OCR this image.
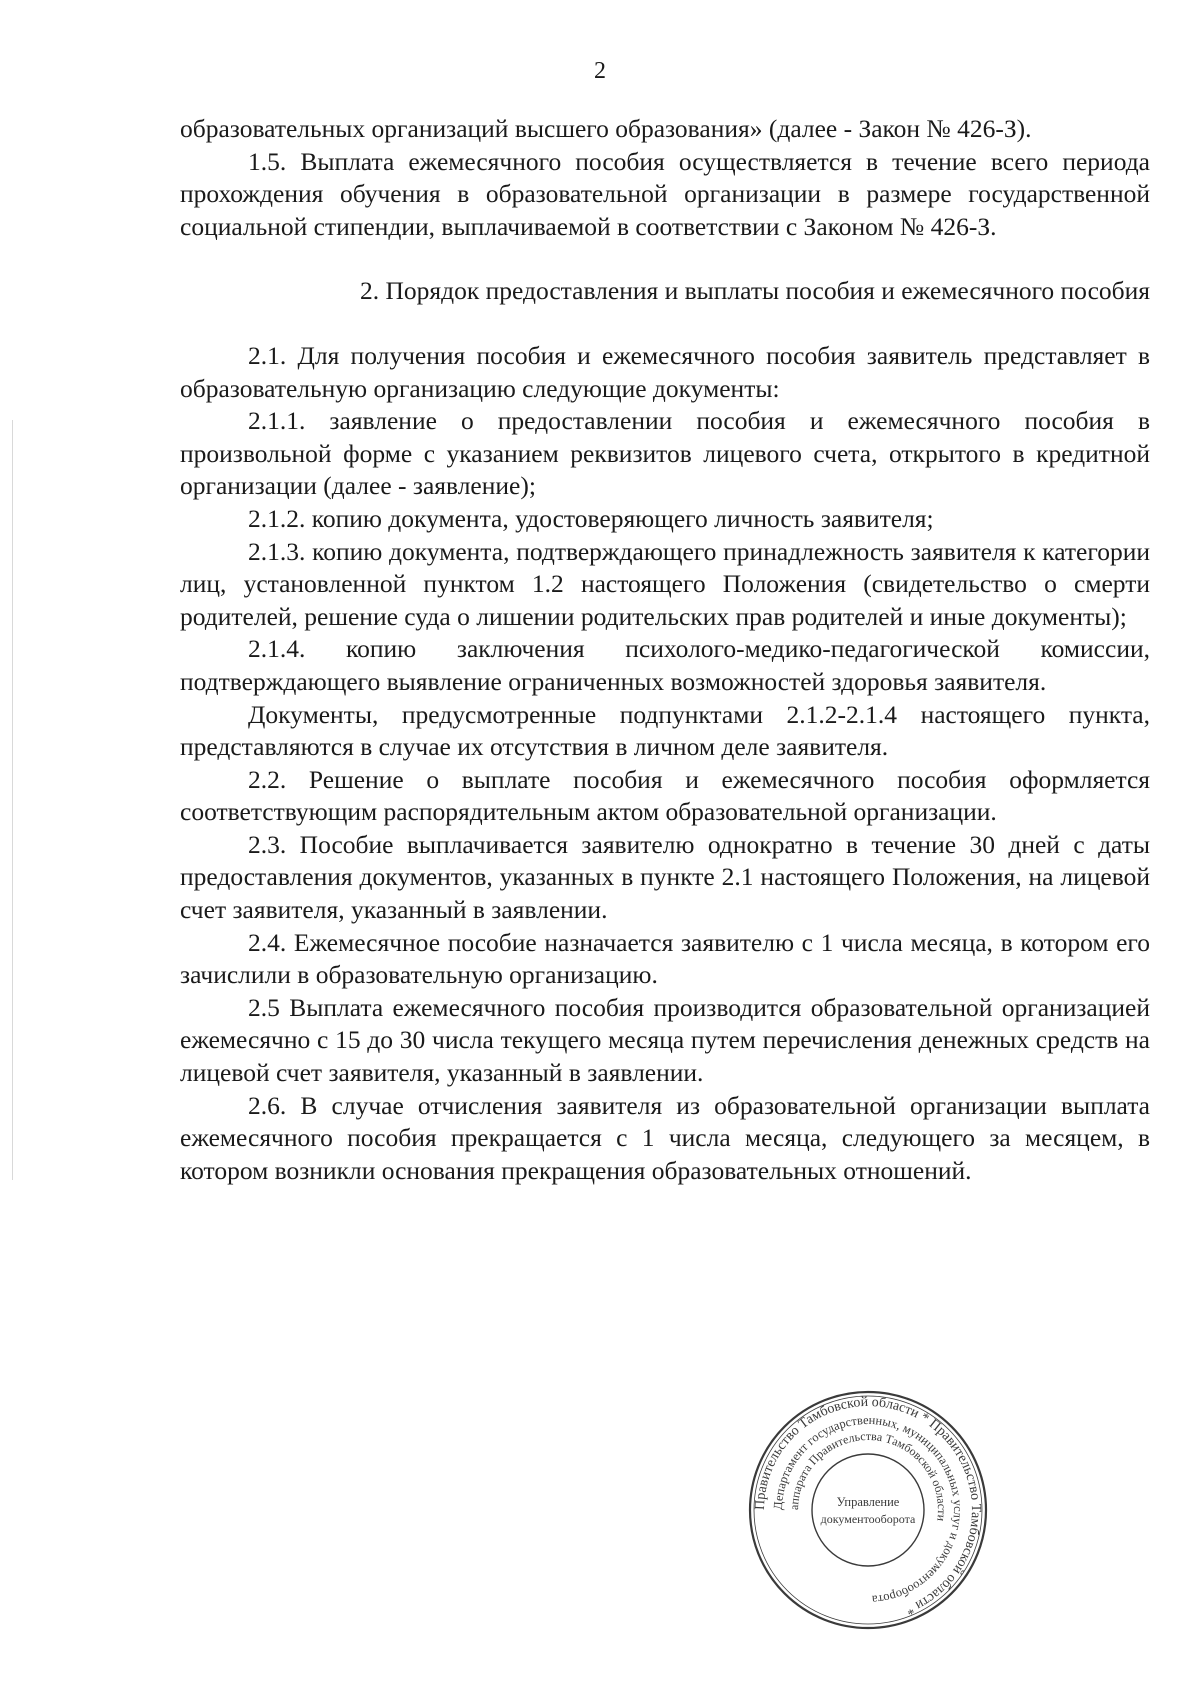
2

образовательных организаций высшего образования» (далее - Закон № 426-З).

1.5. Выплата ежемесячного пособия осуществляется в течение всего периода прохождения обучения в образовательной организации в размере государственной социальной стипендии, выплачиваемой в соответствии с Законом № 426-З.

2. Порядок предоставления и выплаты пособия и ежемесячного пособия

2.1. Для получения пособия и ежемесячного пособия заявитель представляет в образовательную организацию следующие документы:

2.1.1. заявление о предоставлении пособия и ежемесячного пособия в произвольной форме с указанием реквизитов лицевого счета, открытого в кредитной организации (далее - заявление);

2.1.2. копию документа, удостоверяющего личность заявителя;

2.1.3. копию документа, подтверждающего принадлежность заявителя к категории лиц, установленной пунктом 1.2 настоящего Положения (свидетельство о смерти родителей, решение суда о лишении родительских прав родителей и иные документы);

2.1.4. копию заключения психолого-медико-педагогической комиссии, подтверждающего выявление ограниченных возможностей здоровья заявителя.

Документы, предусмотренные подпунктами 2.1.2-2.1.4 настоящего пункта, представляются в случае их отсутствия в личном деле заявителя.

2.2. Решение о выплате пособия и ежемесячного пособия оформляется соответствующим распорядительным актом образовательной организации.

2.3. Пособие выплачивается заявителю однократно в течение 30 дней с даты предоставления документов, указанных в пункте 2.1 настоящего Положения, на лицевой счет заявителя, указанный в заявлении.

2.4. Ежемесячное пособие назначается заявителю с 1 числа месяца, в котором его зачислили в образовательную организацию.

2.5 Выплата ежемесячного пособия производится образовательной организацией ежемесячно с 15 до 30 числа текущего месяца путем перечисления денежных средств на лицевой счет заявителя, указанный в заявлении.

2.6. В случае отчисления заявителя из образовательной организации выплата ежемесячного пособия прекращается с 1 числа месяца, следующего за месяцем, в котором возникли основания прекращения образовательных отношений.

Правительство Тамбовской области * Правительство Тамбовской области *
Департамент государственных, муниципальных услуг и документооборота
аппарата Правительства Тамбовской области
Управление
документооборота
